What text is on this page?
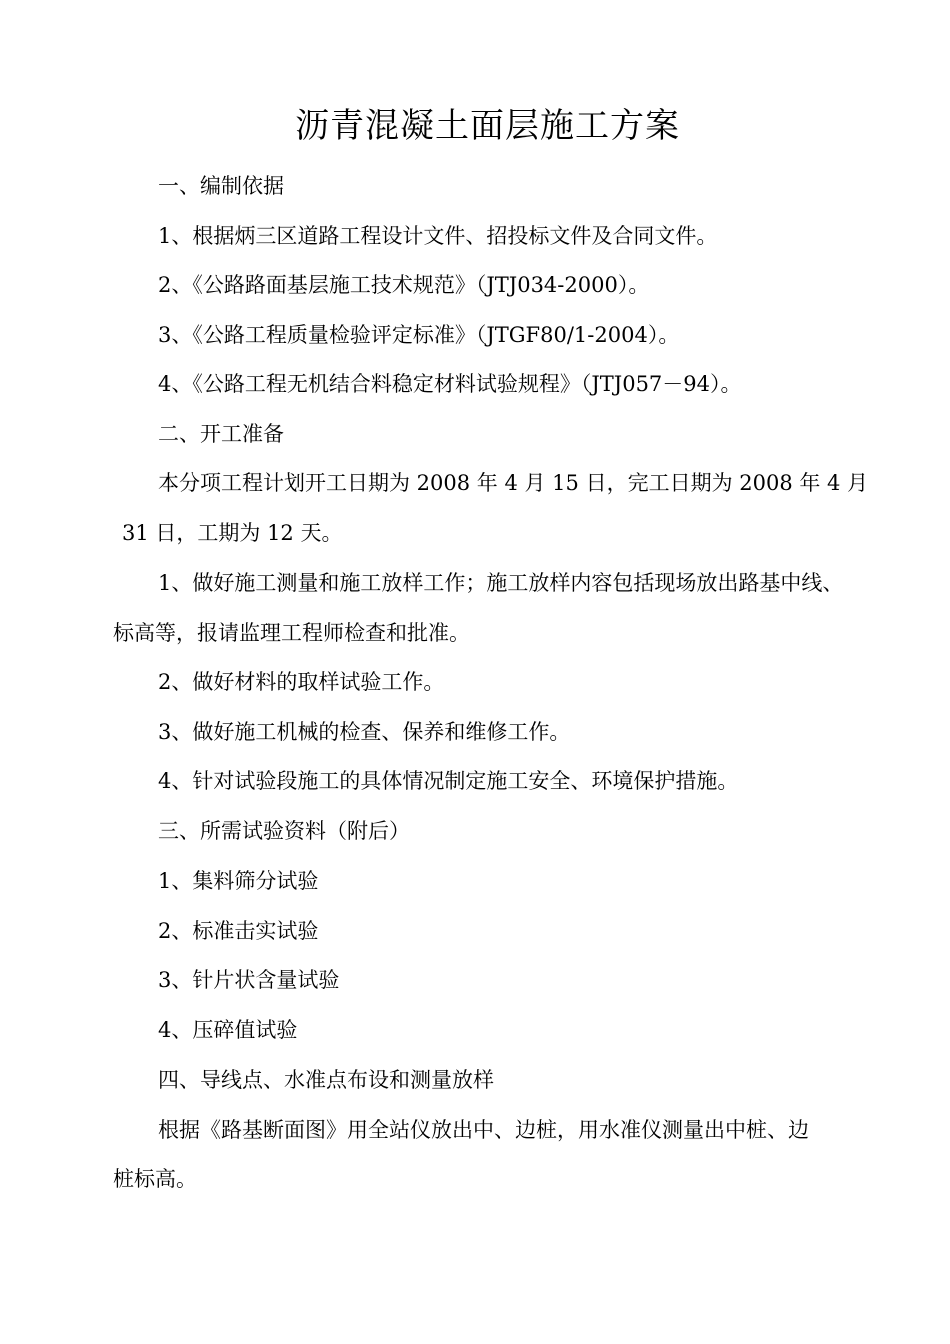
沥青混凝土面层施工方案

一、编制依据

1、根据炳三区道路工程设计文件、招投标文件及合同文件。

2、《公路路面基层施工技术规范》（JTJ034-2000）。

3、《公路工程质量检验评定标准》（JTGF80/1-2004）。

4、《公路工程无机结合料稳定材料试验规程》（JTJ057－94）。

二、开工准备

本分项工程计划开工日期为 2008 年 4 月 15 日，完工日期为 2008 年 4 月

31 日，工期为 12 天。

1、做好施工测量和施工放样工作；施工放样内容包括现场放出路基中线、

标高等，报请监理工程师检查和批准。

2、做好材料的取样试验工作。

3、做好施工机械的检查、保养和维修工作。

4、针对试验段施工的具体情况制定施工安全、环境保护措施。

三、所需试验资料（附后）

1、集料筛分试验

2、标准击实试验

3、针片状含量试验

4、压碎值试验

四、导线点、水准点布设和测量放样

根据《路基断面图》用全站仪放出中、边桩，用水准仪测量出中桩、边

桩标高。
